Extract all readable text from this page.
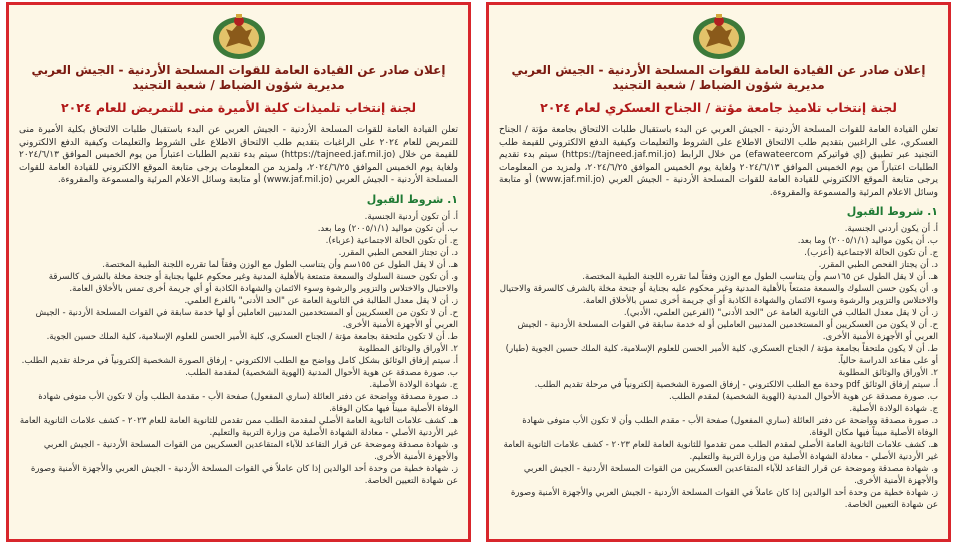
إعلان صادر عن القيادة العامة للقوات المسلحة الأردنية - الجيش العربي

مديرية شؤون الضباط / شعبة التجنيد

لجنة إنتخاب تلميذات كلية الأميرة منى للتمريض للعام ٢٠٢٤

تعلن القيادة العامة للقوات المسلحة الأردنية - الجيش العربي عن البدء باستقبال طلبات الالتحاق بكلية الأميرة منى للتمريض للعام ٢٠٢٤ على الراغبات بتقديم طلب الالتحاق الاطلاع على الشروط والتعليمات وكيفية الدفع الالكتروني للقيمة من خلال (https://tajneed.jaf.mil.jo) سيتم بدء تقديم الطلبات اعتباراً من يوم الخميس الموافق ٢٠٢٤/٦/١٣ ولغاية يوم الخميس الموافق ٢٠٢٤/٦/٢٥، ولمزيد من المعلومات يرجى متابعة الموقع الالكتروني للقيادة العامة للقوات المسلحة الأردنية - الجيش العربي (www.jaf.mil.jo) أو متابعة وسائل الاعلام المرئية والمسموعة والمقروءة.

١. شروط القبول
أ. أن تكون أردنية الجنسية.
ب. أن تكون مواليد (٢٠٠٥/١/١) وما بعد.
ج. أن تكون الحالة الاجتماعية (عزباء).
د. أن تجتاز الفحص الطبي المقرر.
هـ. أن لا يقل الطول عن ١٥٥سم وأن يتناسب الطول مع الوزن وفقاً لما تقرره اللجنة الطبية المختصة.
و. أن تكون حسنة السلوك والسمعة متمتعة بالأهلية المدنية وغير محكوم عليها بجناية أو جنحة مخلة بالشرف كالسرقة والاحتيال والاختلاس والتزوير والرشوة وسوء الائتمان والشهادة الكاذبة أو أي جريمة أخرى تمس بالأخلاق العامة.
ز. أن لا يقل معدل الطالبة في الثانوية العامة عن "الحد الأدنى" بالفرع العلمي.
ح. أن لا تكون من العسكريين أو المستخدمين المدنيين العاملين أو لها خدمة سابقة في القوات المسلحة الأردنية - الجيش العربي أو الأجهزة الأمنية الأخرى.
ط. أن لا تكون ملتحقة بجامعة مؤتة / الجناح العسكري، كلية الأمير الحسن للعلوم الإسلامية، كلية الملك حسين الجوية.
٢. الأوراق والوثائق المطلوبة
أ. سيتم إرفاق الوثائق بشكل كامل وواضح مع الطلب الالكتروني - إرفاق الصورة الشخصية إلكترونياً في مرحلة تقديم الطلب.
ب. صورة مصدقة عن هوية الأحوال المدنية (الهوية الشخصية) لمقدمة الطلب.
ج. شهادة الولادة الأصلية.
د. صورة مصدقة وواضحة عن دفتر العائلة (ساري المفعول) صفحة الأب - مقدمة الطلب وأن لا تكون الأب متوفى شهادة الوفاة الأصلية مبيناً فيها مكان الوفاة.
هـ. كشف علامات الثانوية العامة الأصلي لمقدمة الطلب ممن تقدمن للثانوية العامة للعام ٢٠٢٣ - كشف علامات الثانوية العامة غير الأردنية الأصلي - معادلة الشهادة الأصلية من وزارة التربية والتعليم.
و. شهادة مصدقة وموضحة عن قرار التقاعد للآباء المتقاعدين العسكريين من القوات المسلحة الأردنية - الجيش العربي والأجهزة الأمنية الأخرى.
ز. شهادة خطية من وحدة أحد الوالدين إذا كان عاملاً في القوات المسلحة الأردنية - الجيش العربي والأجهزة الأمنية وصورة عن شهادة التعيين الخاصة.

إعلان صادر عن القيادة العامة للقوات المسلحة الأردنية - الجيش العربي

مديرية شؤون الضباط / شعبة التجنيد

لجنة إنتخاب تلاميذ جامعة مؤتة / الجناح العسكري لعام ٢٠٢٤

تعلن القيادة العامة للقوات المسلحة الأردنية - الجيش العربي عن البدء باستقبال طلبات الالتحاق بجامعة مؤتة / الجناح العسكري، على الراغبين بتقديم طلب الالتحاق الاطلاع على الشروط والتعليمات وكيفية الدفع الالكتروني للقيمة طلب التجنيد عبر تطبيق (إي فواتيركم efawateercom) من خلال الرابط (https://tajneed.jaf.mil.jo) سيتم بدء تقديم الطلبات اعتباراً من يوم الخميس الموافق ٢٠٢٤/٦/١٣ ولغاية يوم الخميس الموافق ٢٠٢٤/٦/٢٥، ولمزيد من المعلومات يرجى متابعة الموقع الالكتروني للقيادة العامة للقوات المسلحة الأردنية - الجيش العربي (www.jaf.mil.jo) أو متابعة وسائل الاعلام المرئية والمسموعة والمقروءة.

١. شروط القبول
أ. أن يكون أردني الجنسية.
ب. أن يكون مواليد (٢٠٠٥/١/١) وما بعد.
ج. أن تكون الحالة الاجتماعية (أعزب).
د. أن يجتاز الفحص الطبي المقرر.
هـ. أن لا يقل الطول عن ١٦٥سم وأن يتناسب الطول مع الوزن وفقاً لما تقرره اللجنة الطبية المختصة.
و. أن يكون حسن السلوك والسمعة متمتعاً بالأهلية المدنية وغير محكوم عليه بجناية أو جنحة مخلة بالشرف كالسرقة والاحتيال والاختلاس والتزوير والرشوة وسوء الائتمان والشهادة الكاذبة أو أي جريمة أخرى تمس بالأخلاق العامة.
ز. أن لا يقل معدل الطالب في الثانوية العامة عن "الحد الأدنى" (الفرعين العلمي، الأدبي).
ح. أن لا يكون من العسكريين أو المستخدمين المدنيين العاملين أو له خدمة سابقة في القوات المسلحة الأردنية - الجيش العربي أو الأجهزة الأمنية الأخرى.
ط. أن لا يكون ملتحقاً بجامعة مؤتة / الجناح العسكري، كلية الأمير الحسن للعلوم الإسلامية، كلية الملك حسين الجوية (طيار) أو على مقاعد الدراسة حالياً.
٢. الأوراق والوثائق المطلوبة
أ. سيتم إرفاق الوثائق pdf وحدة مع الطلب الالكتروني - إرفاق الصورة الشخصية إلكترونياً في مرحلة تقديم الطلب.
ب. صورة مصدقة عن هوية الأحوال المدنية (الهوية الشخصية) لمقدم الطلب.
ج. شهادة الولادة الأصلية.
د. صورة مصدقة وواضحة عن دفتر العائلة (ساري المفعول) صفحة الأب - مقدم الطلب وأن لا تكون الأب متوفى شهادة الوفاة الأصلية مبيناً فيها مكان الوفاة.
هـ. كشف علامات الثانوية العامة الأصلي لمقدم الطلب ممن تقدموا للثانوية العامة للعام ٢٠٢٣ - كشف علامات الثانوية العامة غير الأردنية الأصلي - معادلة الشهادة الأصلية من وزارة التربية والتعليم.
و. شهادة مصدقة وموضحة عن قرار التقاعد للآباء المتقاعدين العسكريين من القوات المسلحة الأردنية - الجيش العربي والأجهزة الأمنية الأخرى.
ز. شهادة خطية من وحدة أحد الوالدين إذا كان عاملاً في القوات المسلحة الأردنية - الجيش العربي والأجهزة الأمنية وصورة عن شهادة التعيين الخاصة.
